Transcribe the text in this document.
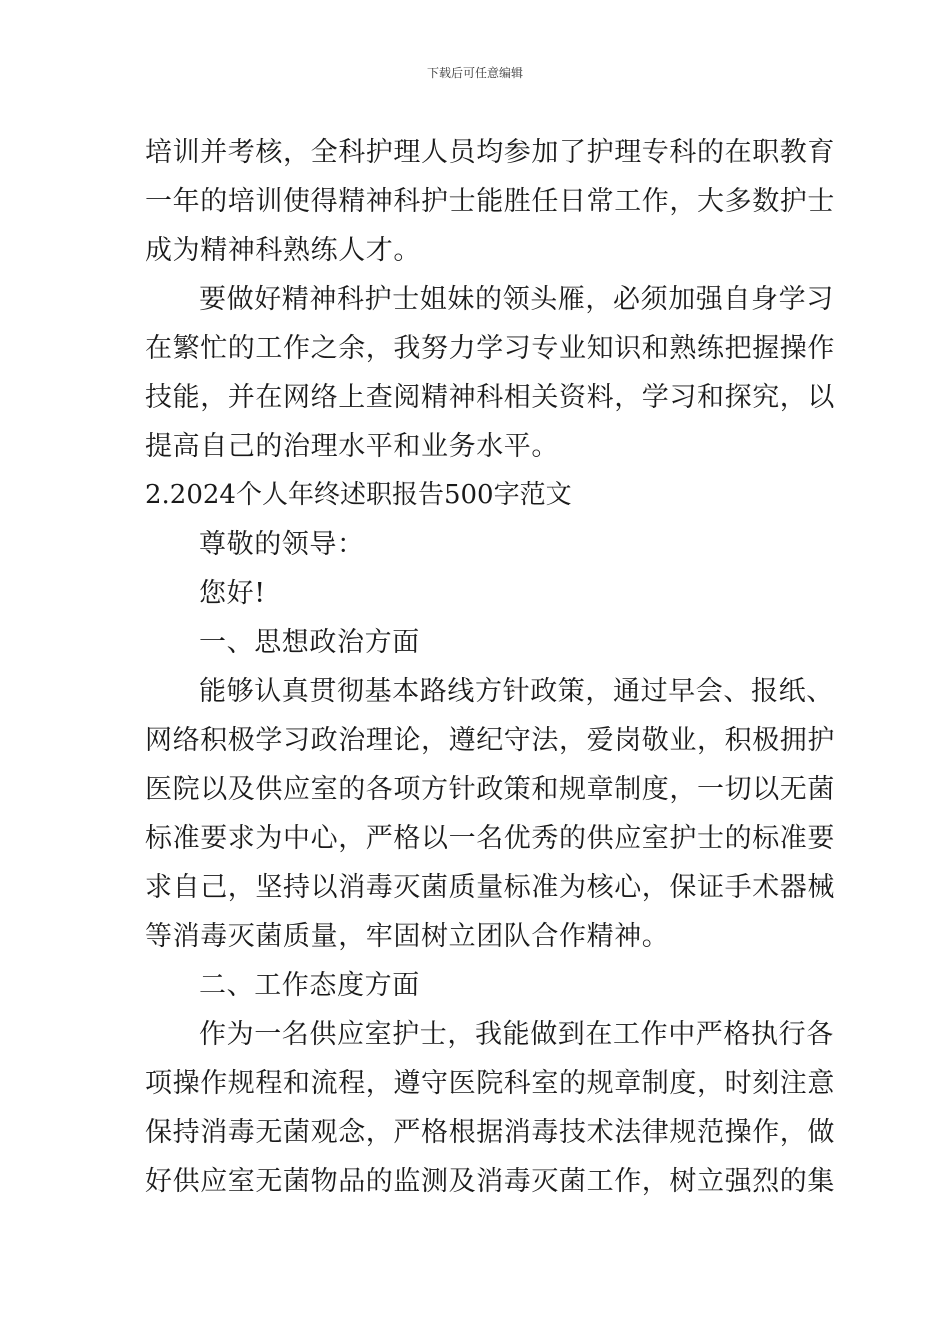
下载后可任意编辑
培训并考核，全科护理人员均参加了护理专科的在职教育
一年的培训使得精神科护士能胜任日常工作，大多数护士
成为精神科熟练人才。
要做好精神科护士姐妹的领头雁，必须加强自身学习
在繁忙的工作之余，我努力学习专业知识和熟练把握操作
技能，并在网络上查阅精神科相关资料，学习和探究，以
提高自己的治理水平和业务水平。
2.2024个人年终述职报告500字范文
尊敬的领导：
您好!
一、思想政治方面
能够认真贯彻基本路线方针政策，通过早会、报纸、
网络积极学习政治理论，遵纪守法，爱岗敬业，积极拥护
医院以及供应室的各项方针政策和规章制度，一切以无菌
标准要求为中心，严格以一名优秀的供应室护士的标准要
求自己，坚持以消毒灭菌质量标准为核心，保证手术器械
等消毒灭菌质量，牢固树立团队合作精神。
二、工作态度方面
作为一名供应室护士，我能做到在工作中严格执行各
项操作规程和流程，遵守医院科室的规章制度，时刻注意
保持消毒无菌观念，严格根据消毒技术法律规范操作，做
好供应室无菌物品的监测及消毒灭菌工作，树立强烈的集
